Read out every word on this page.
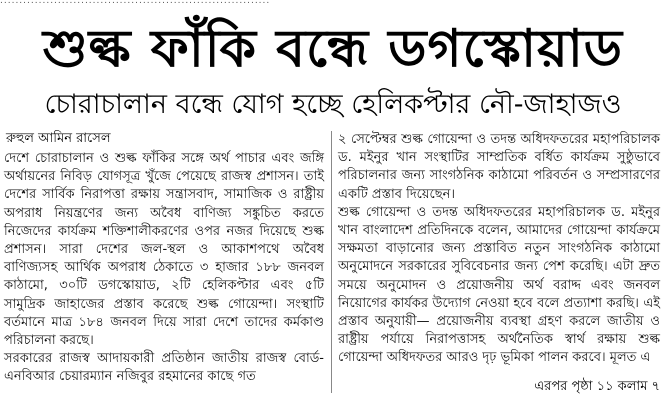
......................................................................
শুল্ক ফাঁকি বন্ধে ডগস্কোয়াড
চোরাচালান বন্ধে যোগ হচ্ছে হেলিকপ্টার নৌ-জাহাজও
রুহুল আমিন রাসেল

দেশে চোরাচালান ও শুল্ক ফাঁকির সঙ্গে অর্থ পাচার এবং জঙ্গি অর্থায়নের নিবিড় যোগসূত্র খুঁজে পেয়েছে রাজস্ব প্রশাসন। তাই দেশের সার্বিক নিরাপত্তা রক্ষায় সন্ত্রাসবাদ, সামাজিক ও রাষ্ট্রীয় অপরাধ নিয়ন্ত্রণের জন্য অবৈধ বাণিজ্য সঙ্কুচিত করতে নিজেদের কার্যক্রম শক্তিশালীকরণের ওপর নজর দিয়েছে শুল্ক প্রশাসন। সারা দেশের জল-স্থল ও আকাশপথে অবৈধ বাণিজ্যসহ আর্থিক অপরাধ ঠেকাতে ৩ হাজার ১৮৮ জনবল কাঠামো, ৩০টি ডগস্কোয়াড, ২টি হেলিকপ্টার এবং ৫টি সামুদ্রিক জাহাজের প্রস্তাব করেছে শুল্ক গোয়েন্দা। সংস্থাটি বর্তমানে মাত্র ১৮৪ জনবল দিয়ে সারা দেশে তাদের কর্মকাণ্ড পরিচালনা করছে।

সরকারের রাজস্ব আদায়কারী প্রতিষ্ঠান জাতীয় রাজস্ব বোর্ড-এনবিআর চেয়ারম্যান নজিবুর রহমানের কাছে গত

২ সেপ্টেম্বর শুল্ক গোয়েন্দা ও তদন্ত অধিদফতরের মহাপরিচালক ড. মইনুর খান সংস্থাটির সাম্প্রতিক বর্ধিত কার্যক্রম সুষ্ঠুভাবে পরিচালনার জন্য সাংগঠনিক কাঠামো পরিবর্তন ও সম্প্রসারণের একটি প্রস্তাব দিয়েছেন।

শুল্ক গোয়েন্দা ও তদন্ত অধিদফতরের মহাপরিচালক ড. মইনুর খান বাংলাদেশ প্রতিদিনকে বলেন, আমাদের গোয়েন্দা কার্যক্রমে সক্ষমতা বাড়ানোর জন্য প্রস্তাবিত নতুন সাংগঠনিক কাঠামো অনুমোদনে সরকারের সুবিবেচনার জন্য পেশ করেছি। এটা দ্রুত সময়ে অনুমোদন ও প্রয়োজনীয় অর্থ বরাদ্দ এবং জনবল নিয়োগের কার্যকর উদ্যোগ নেওয়া হবে বলে প্রত্যাশা করছি। এই প্রস্তাব অনুযায়ী— প্রয়োজনীয় ব্যবস্থা গ্রহণ করলে জাতীয় ও রাষ্ট্রীয় পর্যায়ে নিরাপত্তাসহ অর্থনৈতিক স্বার্থ রক্ষায় শুল্ক গোয়েন্দা অধিদফতর আরও দৃঢ় ভূমিকা পালন করবে। মূলত এ

এরপর পৃষ্ঠা ১১ কলাম ৭
